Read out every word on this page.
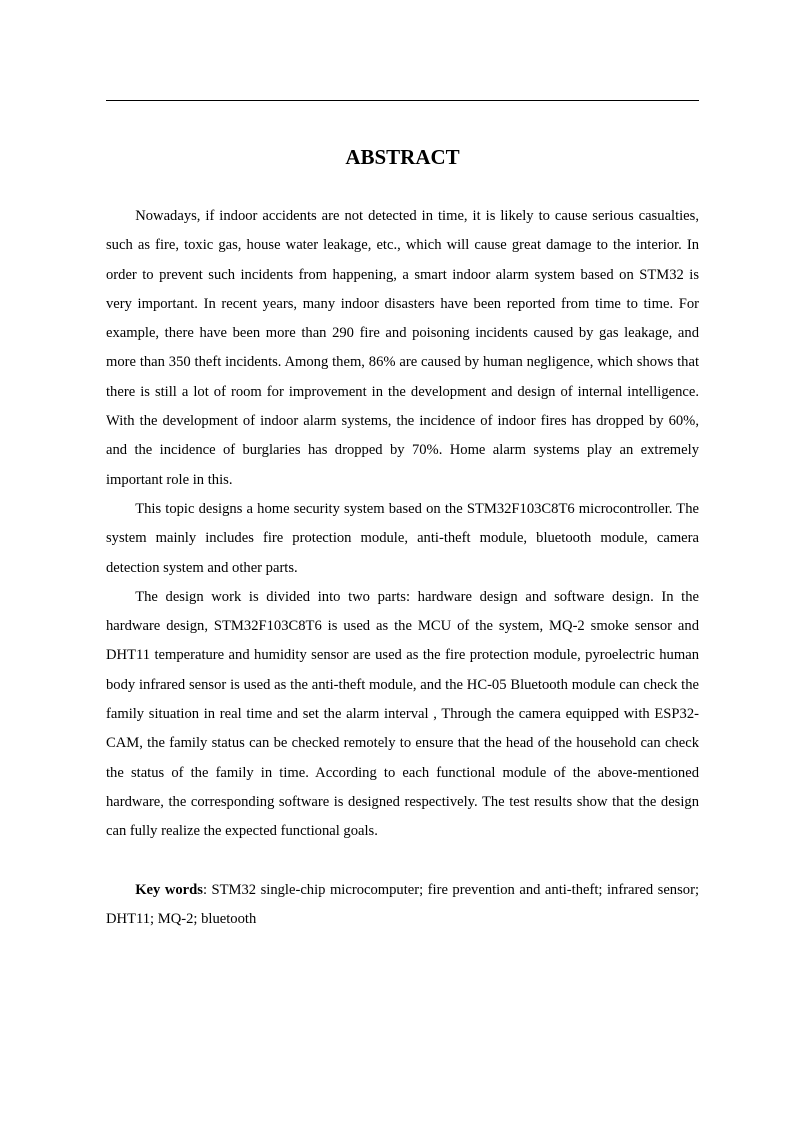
ABSTRACT

Nowadays, if indoor accidents are not detected in time, it is likely to cause serious casualties, such as fire, toxic gas, house water leakage, etc., which will cause great damage to the interior. In order to prevent such incidents from happening, a smart indoor alarm system based on STM32 is very important. In recent years, many indoor disasters have been reported from time to time. For example, there have been more than 290 fire and poisoning incidents caused by gas leakage, and more than 350 theft incidents. Among them, 86% are caused by human negligence, which shows that there is still a lot of room for improvement in the development and design of internal intelligence. With the development of indoor alarm systems, the incidence of indoor fires has dropped by 60%, and the incidence of burglaries has dropped by 70%. Home alarm systems play an extremely important role in this.

This topic designs a home security system based on the STM32F103C8T6 microcontroller. The system mainly includes fire protection module, anti-theft module, bluetooth module, camera detection system and other parts.

The design work is divided into two parts: hardware design and software design. In the hardware design, STM32F103C8T6 is used as the MCU of the system, MQ-2 smoke sensor and DHT11 temperature and humidity sensor are used as the fire protection module, pyroelectric human body infrared sensor is used as the anti-theft module, and the HC-05 Bluetooth module can check the family situation in real time and set the alarm interval , Through the camera equipped with ESP32-CAM, the family status can be checked remotely to ensure that the head of the household can check the status of the family in time. According to each functional module of the above-mentioned hardware, the corresponding software is designed respectively. The test results show that the design can fully realize the expected functional goals.

Key words: STM32 single-chip microcomputer; fire prevention and anti-theft; infrared sensor; DHT11; MQ-2; bluetooth
